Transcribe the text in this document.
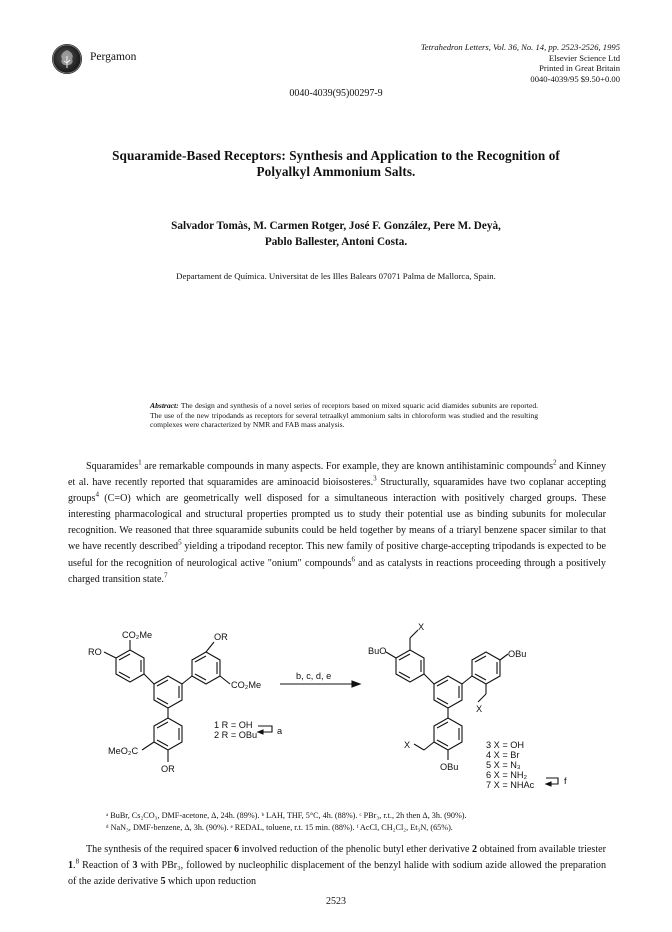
Pergamon
Tetrahedron Letters, Vol. 36, No. 14, pp. 2523-2526, 1995
Elsevier Science Ltd
Printed in Great Britain
0040-4039/95 $9.50+0.00
0040-4039(95)00297-9
Squaramide-Based Receptors: Synthesis and Application to the Recognition of
Polyalkyl Ammonium Salts.
Salvador Tomàs, M. Carmen Rotger, José F. González, Pere M. Deyà,
Pablo Ballester, Antoni Costa.
Departament de Química. Universitat de les Illes Balears 07071 Palma de Mallorca, Spain.
Abstract: The design and synthesis of a novel series of receptors based on mixed squaric acid diamides subunits are reported. The use of the new tripodands as receptors for several tetraalkyl ammonium salts in chloroform was studied and the resulting complexes were characterized by NMR and FAB mass analysis.
Squaramides$^1$ are remarkable compounds in many aspects. For example, they are known antihistaminic compounds$^2$ and Kinney et al. have recently reported that squaramides are aminoacid bioisosteres.$^3$ Structurally, squaramides have two coplanar accepting groups$^4$ (C=O) which are geometrically well disposed for a simultaneous interaction with positively charged groups. These interesting pharmacological and structural properties prompted us to study their potential use as binding subunits for molecular recognition. We reasoned that three squaramide subunits could be held together by means of a triaryl benzene spacer similar to that we have recently described$^5$ yielding a tripodand receptor. This new family of positive charge-accepting tripodands is expected to be useful for the recognition of neurological active "onium" compounds$^6$ and as catalysts in reactions proceeding through a positively charged transition state.$^7$
CO₂Me
RO
OR
CO₂Me
MeO₂C
OR
1 R = OH
2 R = OBu a
b, c, d, e
X
BuO	OBu
X
X
OBu
3 X = OH
4 X = Br
5 X = N₃
6 X = NH₂
7 X = NHAc	f
ᵃ BuBr, Cs₂CO₃, DMF-acetone, Δ, 24h. (89%). ᵇ LAH, THF, 5°C, 4h. (88%). ᶜ PBr₃, r.t., 2h then Δ, 3h. (90%).
ᵈ NaN₃, DMF-benzene, Δ, 3h. (90%). ᵉ REDAL, toluene, r.t. 15 min. (88%). ᶠ AcCl, CH₂Cl₂, Et₃N, (65%).
The synthesis of the required spacer 6 involved reduction of the phenolic butyl ether derivative 2 obtained from available triester 1.$^8$ Reaction of 3 with PBr₃, followed by nucleophilic displacement of the benzyl halide with sodium azide allowed the preparation of the azide derivative 5 which upon reduction
2523
